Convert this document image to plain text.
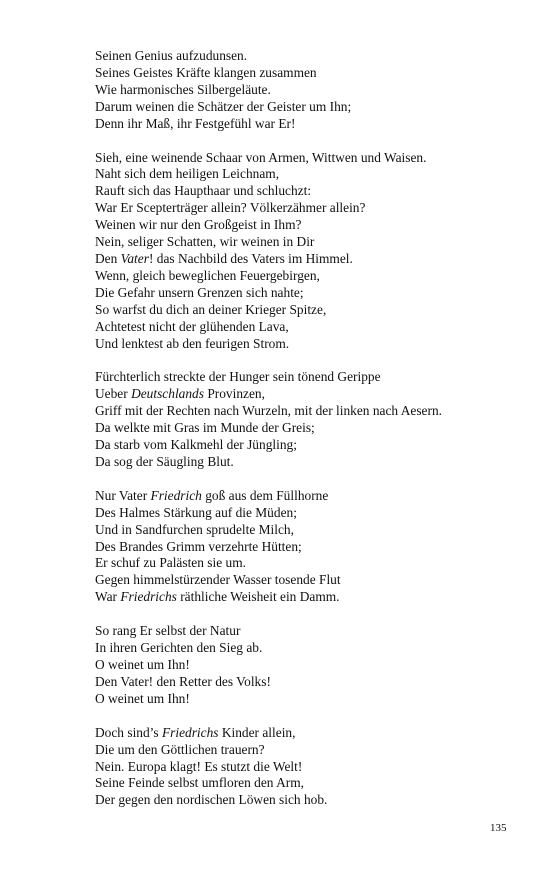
Seinen Genius aufzudunsen.
Seines Geistes Kräfte klangen zusammen
Wie harmonisches Silbergeläute.
Darum weinen die Schätzer der Geister um Ihn;
Denn ihr Maß, ihr Festgefühl war Er!
Sieh, eine weinende Schaar von Armen, Wittwen und Waisen.
Naht sich dem heiligen Leichnam,
Rauft sich das Haupthaar und schluchzt:
War Er Scepterträger allein? Völkerzähmer allein?
Weinen wir nur den Großgeist in Ihm?
Nein, seliger Schatten, wir weinen in Dir
Den Vater! das Nachbild des Vaters im Himmel.
Wenn, gleich beweglichen Feuergebirgen,
Die Gefahr unsern Grenzen sich nahte;
So warfst du dich an deiner Krieger Spitze,
Achtetest nicht der glühenden Lava,
Und lenktest ab den feurigen Strom.
Fürchterlich streckte der Hunger sein tönend Gerippe
Ueber Deutschlands Provinzen,
Griff mit der Rechten nach Wurzeln, mit der linken nach Aesern.
Da welkte mit Gras im Munde der Greis;
Da starb vom Kalkmehl der Jüngling;
Da sog der Säugling Blut.
Nur Vater Friedrich goß aus dem Füllhorne
Des Halmes Stärkung auf die Müden;
Und in Sandfurchen sprudelte Milch,
Des Brandes Grimm verzehrte Hütten;
Er schuf zu Palästen sie um.
Gegen himmelstürzender Wasser tosende Flut
War Friedrichs räthliche Weisheit ein Damm.
So rang Er selbst der Natur
In ihren Gerichten den Sieg ab.
O weinet um Ihn!
Den Vater! den Retter des Volks!
O weinet um Ihn!
Doch sind’s Friedrichs Kinder allein,
Die um den Göttlichen trauern?
Nein. Europa klagt! Es stutzt die Welt!
Seine Feinde selbst umfloren den Arm,
Der gegen den nordischen Löwen sich hob.
135
